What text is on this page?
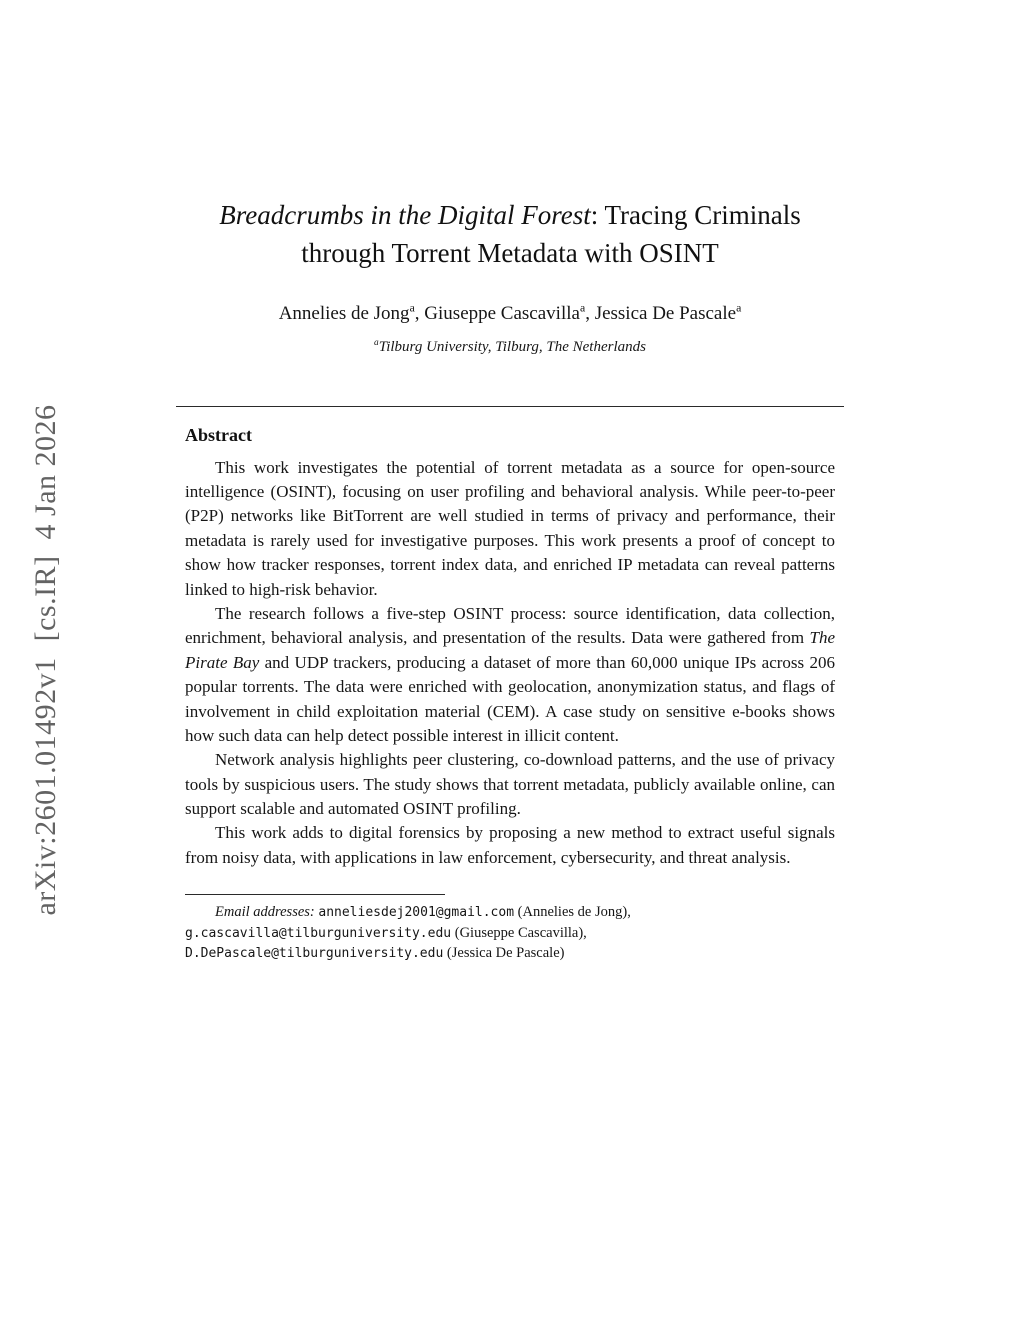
arXiv:2601.01492v1  [cs.IR]  4 Jan 2026
Breadcrumbs in the Digital Forest: Tracing Criminals
through Torrent Metadata with OSINT
Annelies de Jong$^a$, Giuseppe Cascavilla$^a$, Jessica De Pascale$^a$
$^a$Tilburg University, Tilburg, The Netherlands
Abstract

This work investigates the potential of torrent metadata as a source for open-source intelligence (OSINT), focusing on user profiling and behavioral analysis. While peer-to-peer (P2P) networks like BitTorrent are well studied in terms of privacy and performance, their metadata is rarely used for investigative purposes. This work presents a proof of concept to show how tracker responses, torrent index data, and enriched IP metadata can reveal patterns linked to high-risk behavior.

The research follows a five-step OSINT process: source identification, data collection, enrichment, behavioral analysis, and presentation of the results. Data were gathered from The Pirate Bay and UDP trackers, producing a dataset of more than 60,000 unique IPs across 206 popular torrents. The data were enriched with geolocation, anonymization status, and flags of involvement in child exploitation material (CEM). A case study on sensitive e-books shows how such data can help detect possible interest in illicit content.

Network analysis highlights peer clustering, co-download patterns, and the use of privacy tools by suspicious users. The study shows that torrent metadata, publicly available online, can support scalable and automated OSINT profiling.

This work adds to digital forensics by proposing a new method to extract useful signals from noisy data, with applications in law enforcement, cybersecurity, and threat analysis.

Email addresses: anneliesdej2001@gmail.com (Annelies de Jong),
g.cascavilla@tilburguniversity.edu (Giuseppe Cascavilla),
D.DePascale@tilburguniversity.edu (Jessica De Pascale)
